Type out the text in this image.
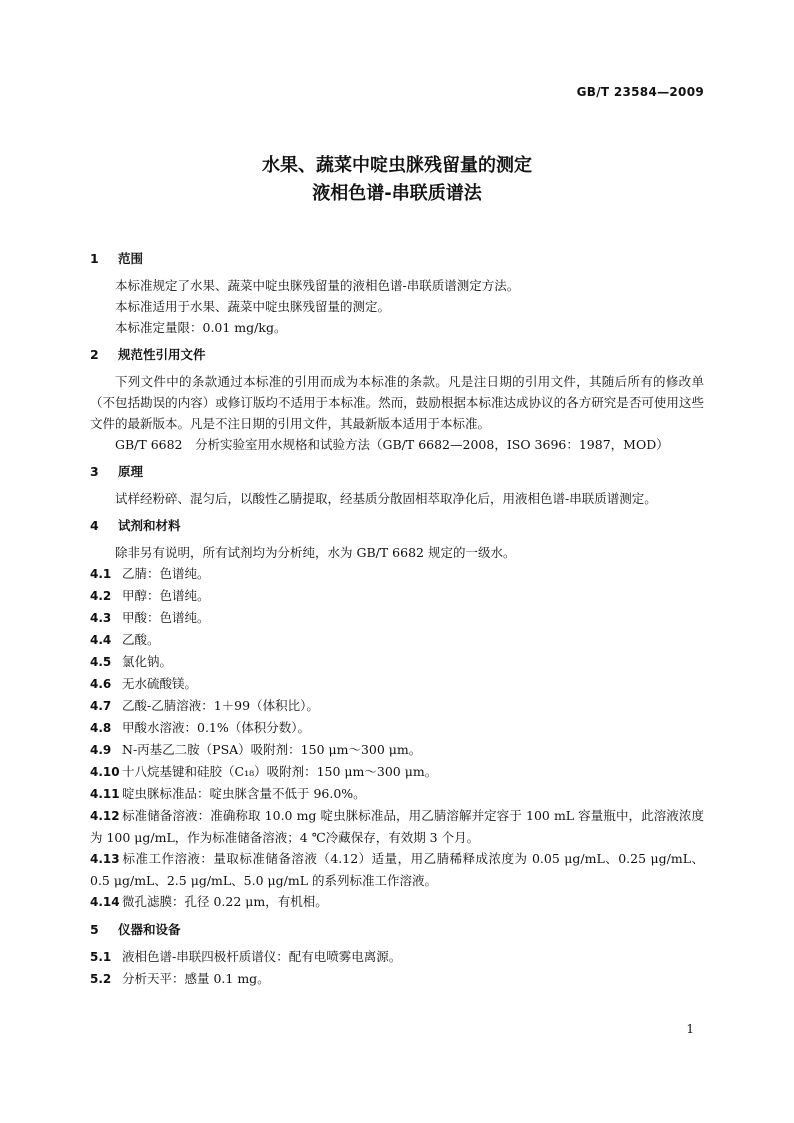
GB/T 23584—2009
水果、蔬菜中啶虫脒残留量的测定
液相色谱-串联质谱法
1 范围
本标准规定了水果、蔬菜中啶虫脒残留量的液相色谱-串联质谱测定方法。
本标准适用于水果、蔬菜中啶虫脒残留量的测定。
本标准定量限：0.01 mg/kg。
2 规范性引用文件
下列文件中的条款通过本标准的引用而成为本标准的条款。凡是注日期的引用文件，其随后所有的修改单（不包括勘误的内容）或修订版均不适用于本标准。然而，鼓励根据本标准达成协议的各方研究是否可使用这些文件的最新版本。凡是不注日期的引用文件，其最新版本适用于本标准。
GB/T 6682　分析实验室用水规格和试验方法（GB/T 6682—2008，ISO 3696：1987，MOD）
3 原理
试样经粉碎、混匀后，以酸性乙腈提取，经基质分散固相萃取净化后，用液相色谱-串联质谱测定。
4 试剂和材料
除非另有说明，所有试剂均为分析纯，水为 GB/T 6682 规定的一级水。
4.1 乙腈：色谱纯。
4.2 甲醇：色谱纯。
4.3 甲酸：色谱纯。
4.4 乙酸。
4.5 氯化钠。
4.6 无水硫酸镁。
4.7 乙酸-乙腈溶液：1＋99（体积比）。
4.8 甲酸水溶液：0.1%（体积分数）。
4.9 N-丙基乙二胺（PSA）吸附剂：150 μm～300 μm。
4.10 十八烷基键和硅胶（C₁₈）吸附剂：150 μm～300 μm。
4.11 啶虫脒标准品：啶虫脒含量不低于 96.0%。
4.12 标准储备溶液：准确称取 10.0 mg 啶虫脒标准品，用乙腈溶解并定容于 100 mL 容量瓶中，此溶液浓度为 100 μg/mL，作为标准储备溶液；4 ℃冷藏保存，有效期 3 个月。
4.13 标准工作溶液：量取标准储备溶液（4.12）适量，用乙腈稀释成浓度为 0.05 μg/mL、0.25 μg/mL、0.5 μg/mL、2.5 μg/mL、5.0 μg/mL 的系列标准工作溶液。
4.14 微孔滤膜：孔径 0.22 μm，有机相。
5 仪器和设备
5.1 液相色谱-串联四极杆质谱仪：配有电喷雾电离源。
5.2 分析天平：感量 0.1 mg。
1
